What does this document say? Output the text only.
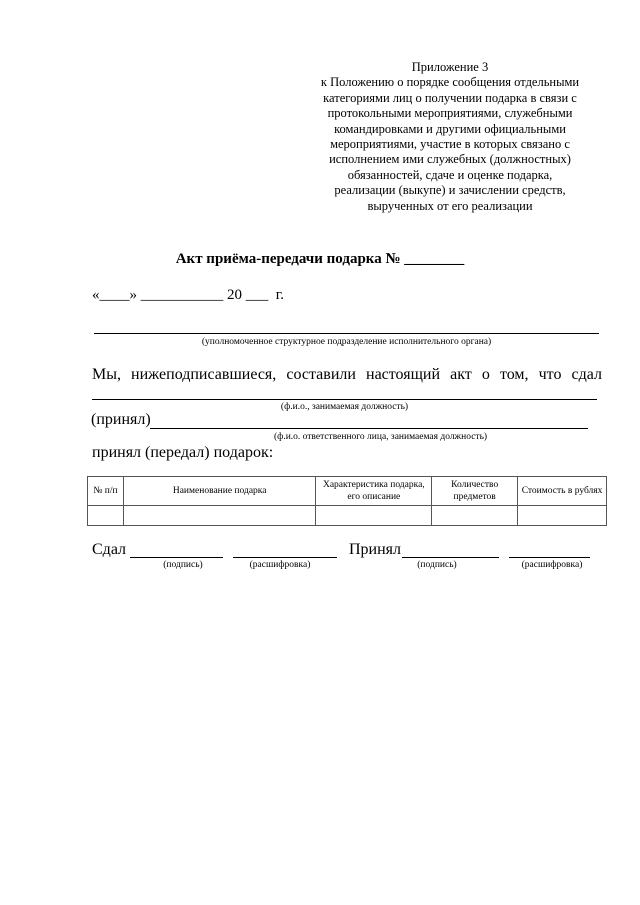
Приложение 3
к Положению о порядке сообщения отдельными
категориями лиц о получении подарка в связи с
протокольными мероприятиями, служебными
командировками и другими официальными
мероприятиями, участие в которых связано с
исполнением ими служебных (должностных)
обязанностей, сдаче и оценке подарка,
реализации (выкупе) и зачислении средств,
вырученных от его реализации
Акт приёма-передачи подарка № ________
«____» ___________ 20 ___  г.
(уполномоченное структурное подразделение исполнительного органа)
Мы, нижеподписавшиеся, составили настоящий акт о том, что сдал
(ф.и.о., занимаемая должность)
(принял)
(ф.и.о. ответственного лица, занимаемая должность)
принял (передал) подарок:
№ п/п	Наименование подарка	Характеристика подарка, его описание	Количество предметов	Стоимость в рублях

Сдал
(подпись)	(расшифровка)
Принял
(подпись)	(расшифровка)
